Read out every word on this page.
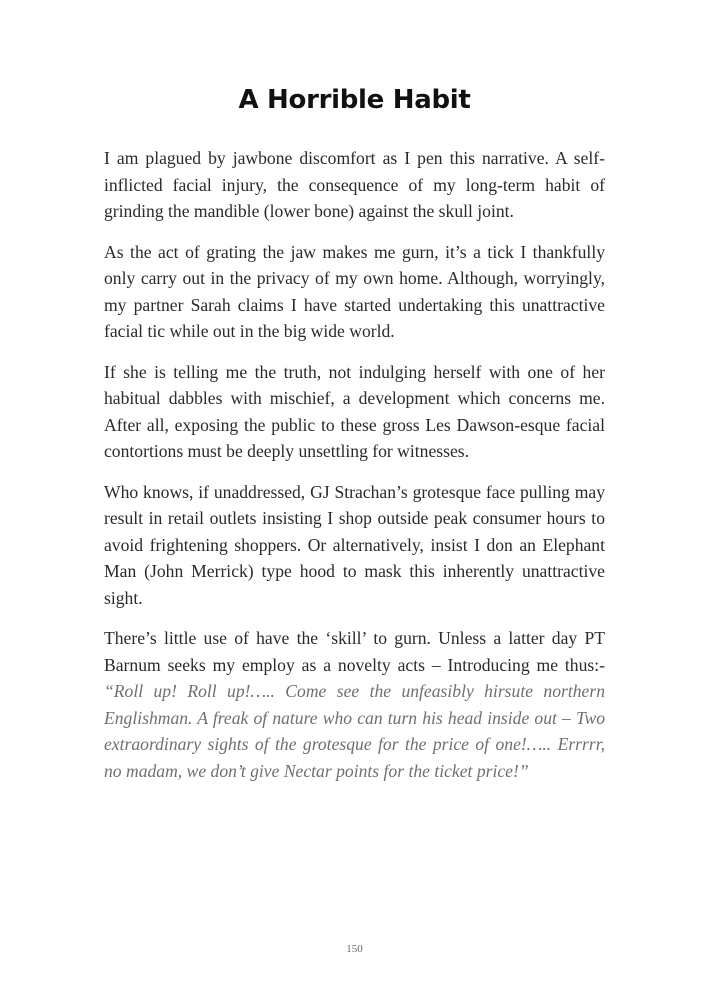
A Horrible Habit

I am plagued by jawbone discomfort as I pen this narrative. A self-inflicted facial injury, the consequence of my long-term habit of grinding the mandible (lower bone) against the skull joint.

As the act of grating the jaw makes me gurn, it’s a tick I thankfully only carry out in the privacy of my own home. Although, worryingly, my partner Sarah claims I have started undertaking this unattractive facial tic while out in the big wide world.

If she is telling me the truth, not indulging herself with one of her habitual dabbles with mischief, a development which concerns me. After all, exposing the public to these gross Les Dawson-esque facial contortions must be deeply unsettling for witnesses.

Who knows, if unaddressed, GJ Strachan’s grotesque face pulling may result in retail outlets insisting I shop outside peak consumer hours to avoid frightening shoppers. Or alternatively, insist I don an Elephant Man (John Merrick) type hood to mask this inherently unattractive sight.

There’s little use of have the ‘skill’ to gurn. Unless a latter day PT Barnum seeks my employ as a novelty acts – Introducing me thus:- “Roll up! Roll up!….. Come see the unfeasibly hirsute northern Englishman. A freak of nature who can turn his head inside out – Two extraordinary sights of the grotesque for the price of one!….. Errrrr, no madam, we don’t give Nectar points for the ticket price!”

150
